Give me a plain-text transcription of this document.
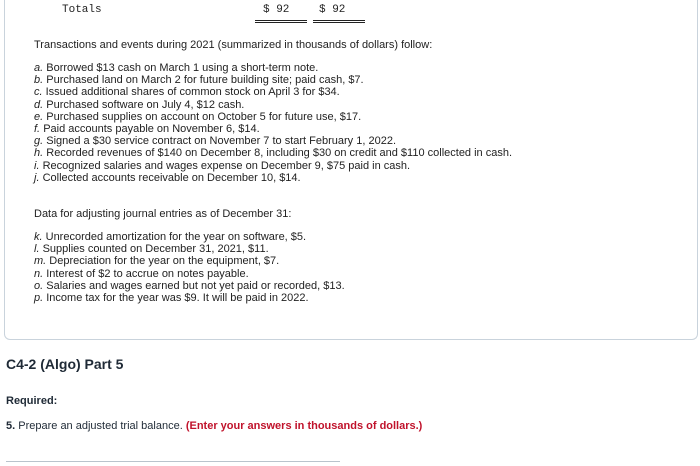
Totals	$ 92	$ 92
Transactions and events during 2021 (summarized in thousands of dollars) follow:
a. Borrowed $13 cash on March 1 using a short-term note.
b. Purchased land on March 2 for future building site; paid cash, $7.
c. Issued additional shares of common stock on April 3 for $34.
d. Purchased software on July 4, $12 cash.
e. Purchased supplies on account on October 5 for future use, $17.
f. Paid accounts payable on November 6, $14.
g. Signed a $30 service contract on November 7 to start February 1, 2022.
h. Recorded revenues of $140 on December 8, including $30 on credit and $110 collected in cash.
i. Recognized salaries and wages expense on December 9, $75 paid in cash.
j. Collected accounts receivable on December 10, $14.
Data for adjusting journal entries as of December 31:
k. Unrecorded amortization for the year on software, $5.
l. Supplies counted on December 31, 2021, $11.
m. Depreciation for the year on the equipment, $7.
n. Interest of $2 to accrue on notes payable.
o. Salaries and wages earned but not yet paid or recorded, $13.
p. Income tax for the year was $9. It will be paid in 2022.
C4-2 (Algo) Part 5
Required:
5. Prepare an adjusted trial balance. (Enter your answers in thousands of dollars.)
